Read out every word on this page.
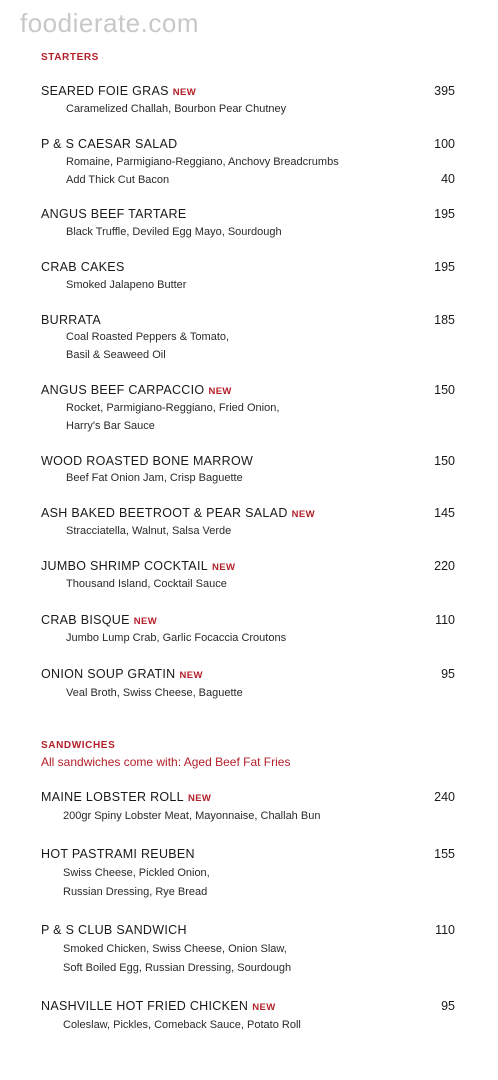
foodierate.com
STARTERS
SEARED FOIE GRAS NEW	395
Caramelized Challah, Bourbon Pear Chutney
P & S CAESAR SALAD	100
Romaine, Parmigiano-Reggiano, Anchovy Breadcrumbs
Add Thick Cut Bacon	40
ANGUS BEEF TARTARE	195
Black Truffle, Deviled Egg Mayo, Sourdough
CRAB CAKES	195
Smoked Jalapeno Butter
BURRATA	185
Coal Roasted Peppers & Tomato,
Basil & Seaweed Oil
ANGUS BEEF CARPACCIO NEW	150
Rocket, Parmigiano-Reggiano, Fried Onion,
Harry's Bar Sauce
WOOD ROASTED BONE MARROW	150
Beef Fat Onion Jam, Crisp Baguette
ASH BAKED BEETROOT & PEAR SALAD NEW	145
Stracciatella, Walnut, Salsa Verde
JUMBO SHRIMP COCKTAIL NEW	220
Thousand Island, Cocktail Sauce
CRAB BISQUE NEW	110
Jumbo Lump Crab, Garlic Focaccia Croutons
ONION SOUP GRATIN NEW	95
Veal Broth, Swiss Cheese, Baguette
SANDWICHES
All sandwiches come with: Aged Beef Fat Fries
MAINE LOBSTER ROLL NEW	240
200gr Spiny Lobster Meat, Mayonnaise, Challah Bun
HOT PASTRAMI REUBEN	155
Swiss Cheese, Pickled Onion,
Russian Dressing, Rye Bread
P & S CLUB SANDWICH	110
Smoked Chicken, Swiss Cheese, Onion Slaw,
Soft Boiled Egg, Russian Dressing, Sourdough
NASHVILLE HOT FRIED CHICKEN NEW	95
Coleslaw, Pickles, Comeback Sauce, Potato Roll
